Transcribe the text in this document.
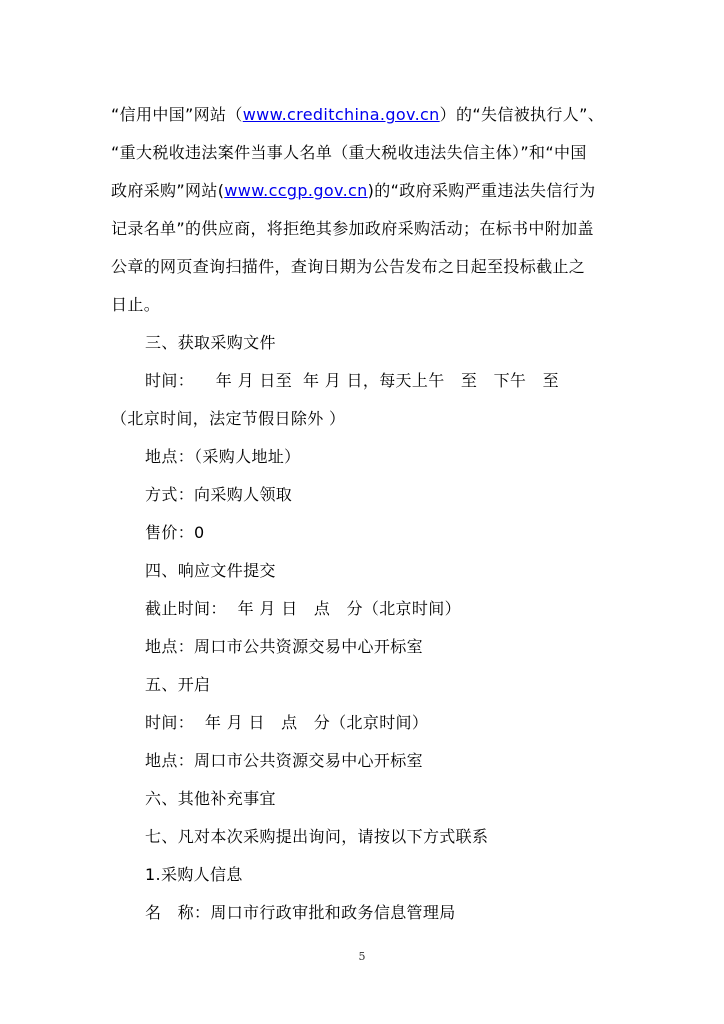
“信用中国”网站（www.creditchina.gov.cn）的“失信被执行人”、
“重大税收违法案件当事人名单（重大税收违法失信主体）”和“中国
政府采购”网站(www.ccgp.gov.cn)的“政府采购严重违法失信行为
记录名单”的供应商，将拒绝其参加政府采购活动；在标书中附加盖
公章的网页查询扫描件，查询日期为公告发布之日起至投标截止之
日止。
三、获取采购文件
时间：    年 月 日至  年 月 日，每天上午   至   下午   至
（北京时间，法定节假日除外 ）
地点：（采购人地址）
方式：向采购人领取
售价：0
四、响应文件提交
截止时间：  年 月 日   点   分（北京时间）
地点：周口市公共资源交易中心开标室
五、开启
时间：  年 月 日   点   分（北京时间）
地点：周口市公共资源交易中心开标室
六、其他补充事宜
七、凡对本次采购提出询问，请按以下方式联系
1.采购人信息
名   称：周口市行政审批和政务信息管理局
5
